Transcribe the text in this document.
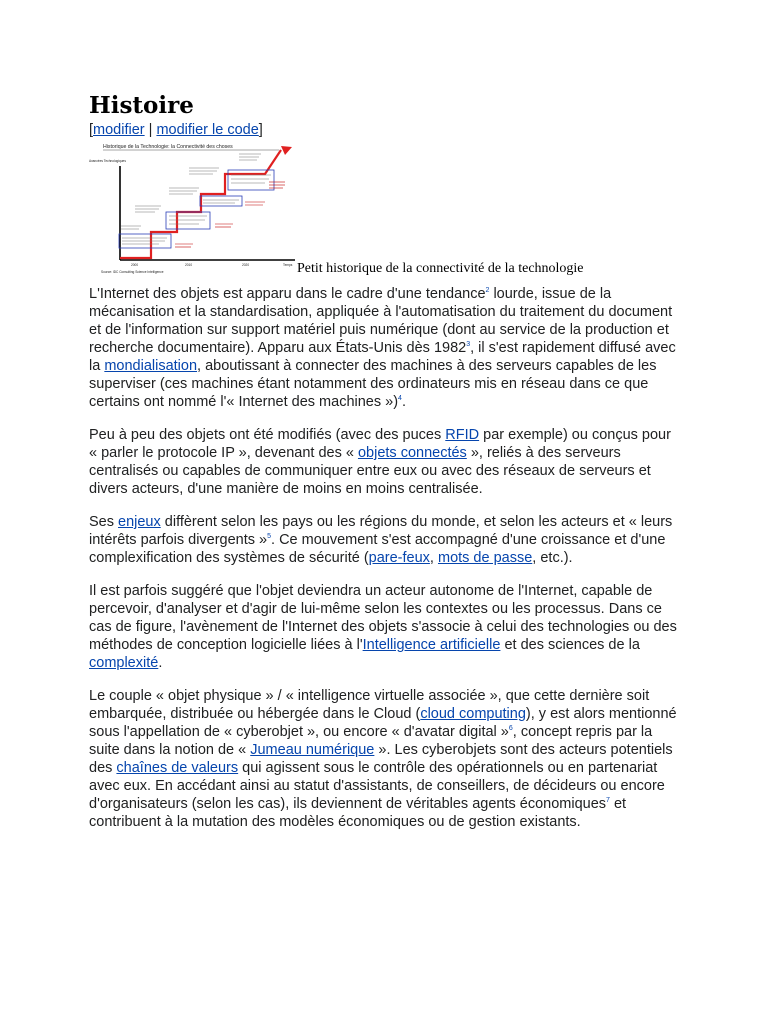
Histoire
[modifier | modifier le code]
Historique de la Technologie: la Connectivité des choses
Avancées Technologiques
Temps
2000	2010	2020
Source: IDC Consulting Science Intelligence	Petit historique de la connectivité de la technologie

L'Internet des objets est apparu dans le cadre d'une tendance$^2$ lourde, issue de la mécanisation et la standardisation, appliquée à l'automatisation du traitement du document et de l'information sur support matériel puis numérique (dont au service de la production et recherche documentaire). Apparu aux États-Unis dès 1982$^3$, il s'est rapidement diffusé avec la mondialisation, aboutissant à connecter des machines à des serveurs capables de les superviser (ces machines étant notamment des ordinateurs mis en réseau dans ce que certains ont nommé l'« Internet des machines »)$^4$.

Peu à peu des objets ont été modifiés (avec des puces RFID par exemple) ou conçus pour « parler le protocole IP », devenant des « objets connectés », reliés à des serveurs centralisés ou capables de communiquer entre eux ou avec des réseaux de serveurs et divers acteurs, d'une manière de moins en moins centralisée.

Ses enjeux diffèrent selon les pays ou les régions du monde, et selon les acteurs et « leurs intérêts parfois divergents »$^5$. Ce mouvement s'est accompagné d'une croissance et d'une complexification des systèmes de sécurité (pare-feux, mots de passe, etc.).

Il est parfois suggéré que l'objet deviendra un acteur autonome de l'Internet, capable de percevoir, d'analyser et d'agir de lui-même selon les contextes ou les processus. Dans ce cas de figure, l'avènement de l'Internet des objets s'associe à celui des technologies ou des méthodes de conception logicielle liées à l'Intelligence artificielle et des sciences de la complexité.

Le couple « objet physique » / « intelligence virtuelle associée », que cette dernière soit embarquée, distribuée ou hébergée dans le Cloud (cloud computing), y est alors mentionné sous l'appellation de « cyberobjet », ou encore « d'avatar digital »$^6$, concept repris par la suite dans la notion de « Jumeau numérique ». Les cyberobjets sont des acteurs potentiels des chaînes de valeurs qui agissent sous le contrôle des opérationnels ou en partenariat avec eux. En accédant ainsi au statut d'assistants, de conseillers, de décideurs ou encore d'organisateurs (selon les cas), ils deviennent de véritables agents économiques$^7$ et contribuent à la mutation des modèles économiques ou de gestion existants.
